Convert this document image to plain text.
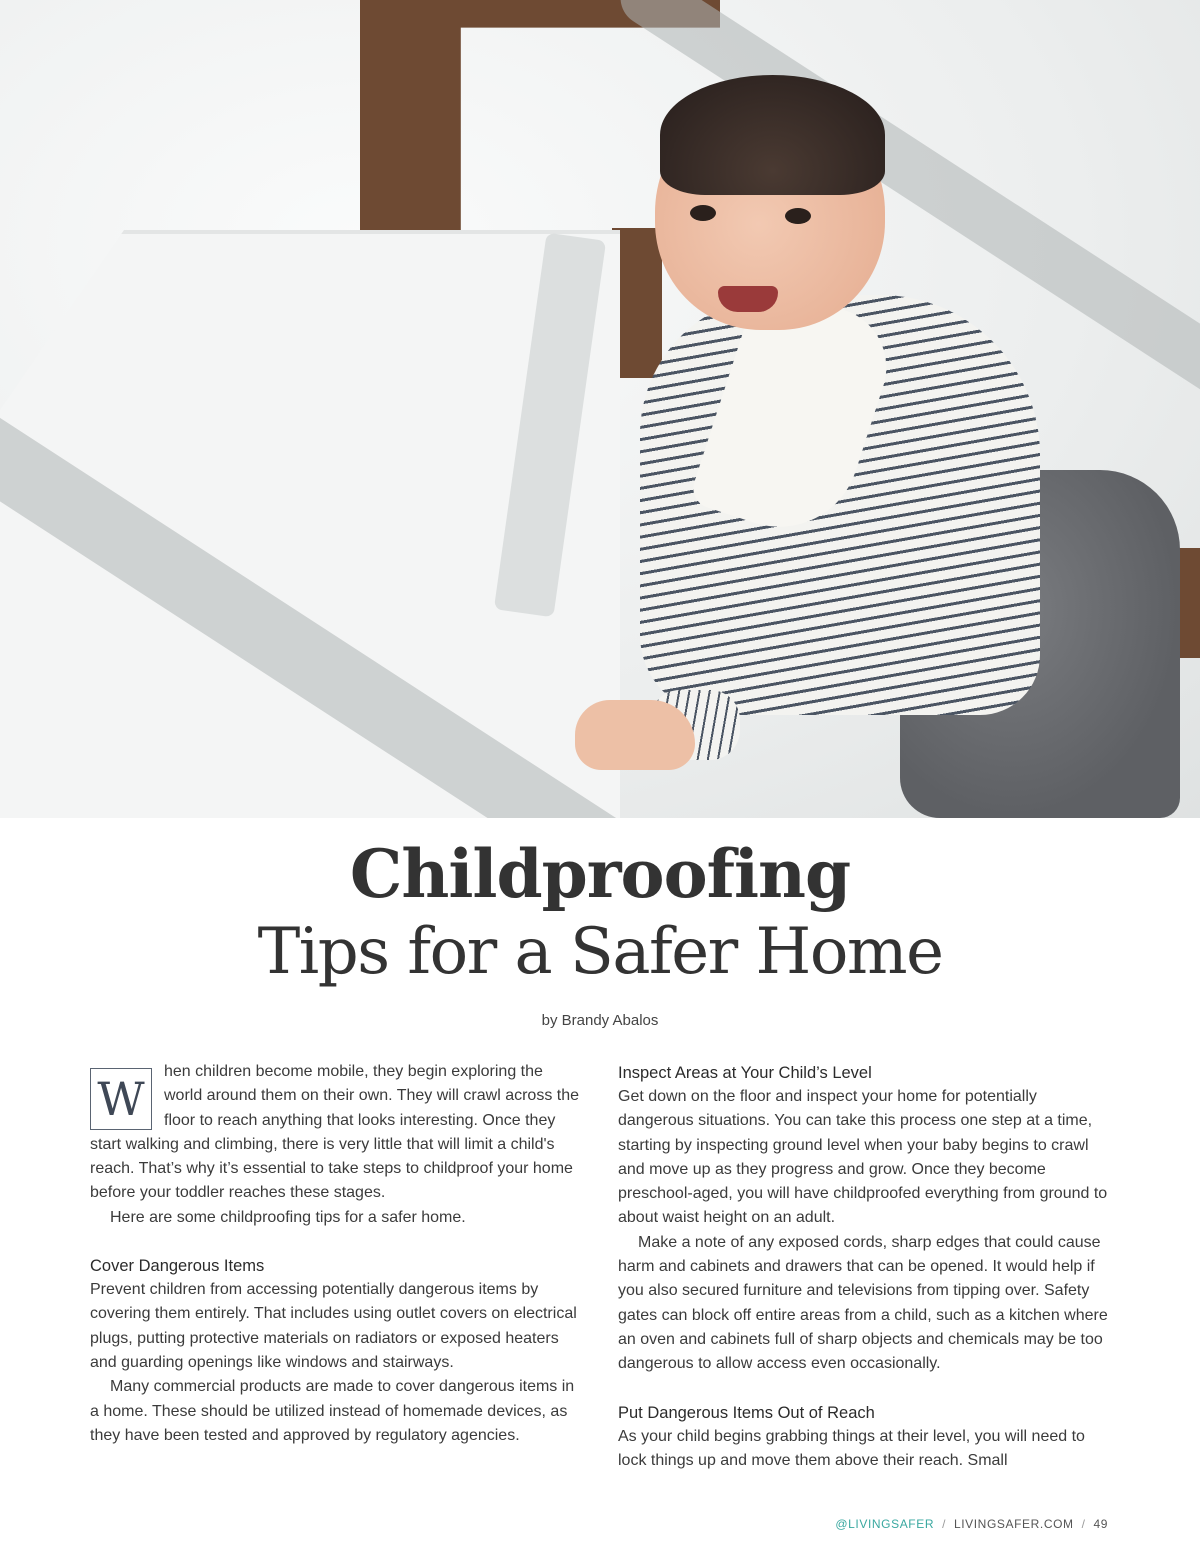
Childproofing
Tips for a Safer Home
by Brandy Abalos
W
hen children become mobile, they begin exploring the world around them on their own. They will crawl across the floor to reach anything that looks interesting. Once they start walking and climbing, there is very little that will limit a child's reach. That’s why it’s essential to take steps to childproof your home before your toddler reaches these stages.

Here are some childproofing tips for a safer home.

Cover Dangerous Items

Prevent children from accessing potentially dangerous items by covering them entirely. That includes using outlet covers on electrical plugs, putting protective materials on radiators or exposed heaters and guarding openings like windows and stairways.

Many commercial products are made to cover dangerous items in a home. These should be utilized instead of homemade devices, as they have been tested and approved by regulatory agencies.

Inspect Areas at Your Child’s Level

Get down on the floor and inspect your home for potentially dangerous situations. You can take this process one step at a time, starting by inspecting ground level when your baby begins to crawl and move up as they progress and grow. Once they become preschool-aged, you will have childproofed everything from ground to about waist height on an adult.

Make a note of any exposed cords, sharp edges that could cause harm and cabinets and drawers that can be opened. It would help if you also secured furniture and televisions from tipping over. Safety gates can block off entire areas from a child, such as a kitchen where an oven and cabinets full of sharp objects and chemicals may be too dangerous to allow access even occasionally.

Put Dangerous Items Out of Reach

As your child begins grabbing things at their level, you will need to lock things up and move them above their reach. Small

@LIVINGSAFER / LIVINGSAFER.COM / 49
